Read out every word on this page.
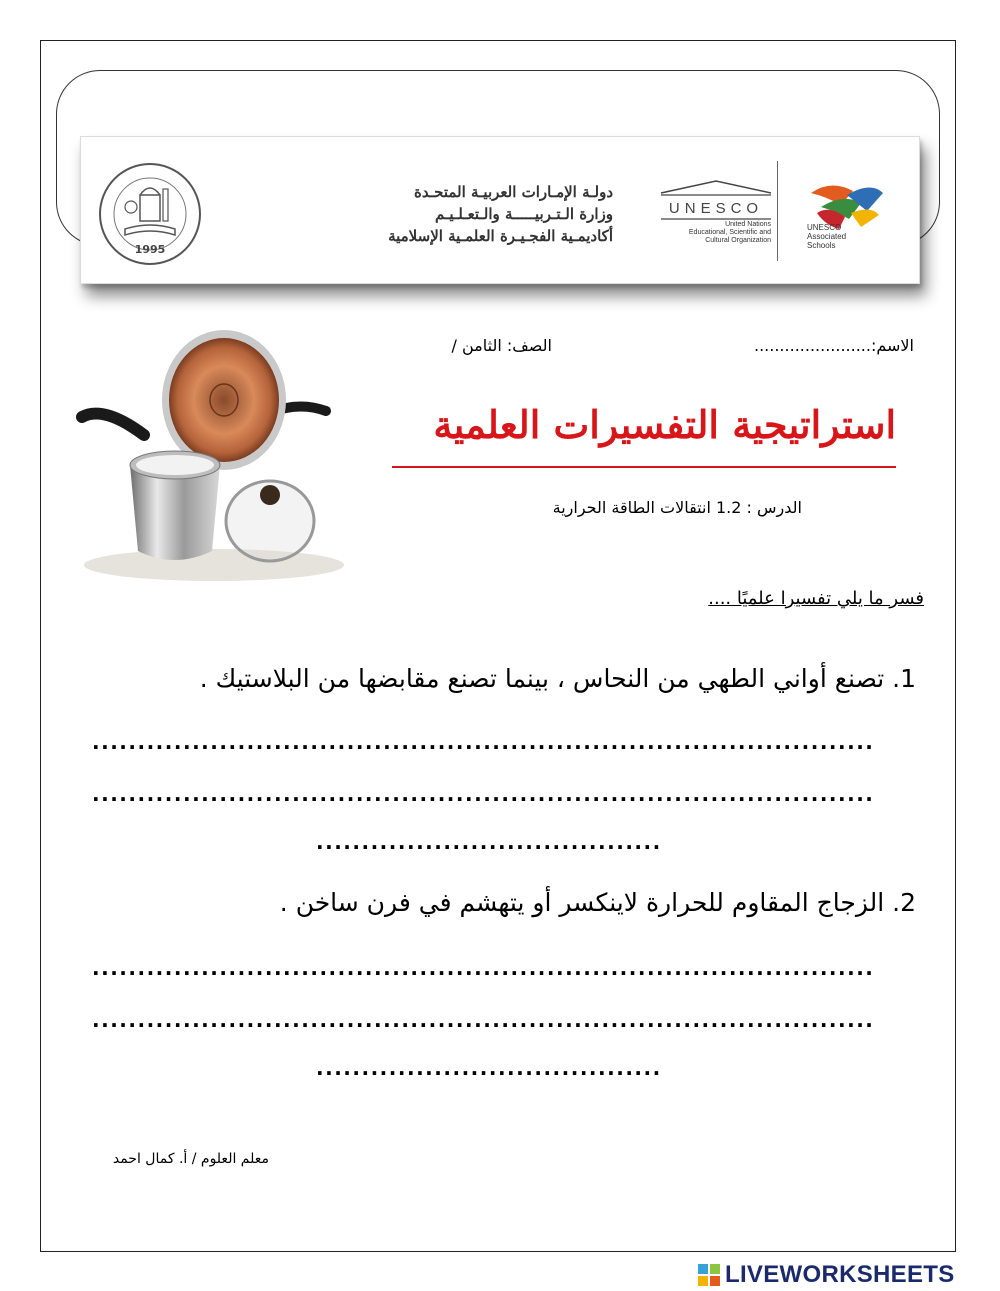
1995
دولـة الإمـارات العربيـة المتحـدة
وزارة الـتـربيـــــة والـتعـلـيـم
أكاديمـية الفجـيـرة العلمـية الإسلامية
UNESCO
United Nations
Educational, Scientific and
Cultural Organization
UNESCO
Associated
Schools
الاسم:.......................
الصف: الثامن /
استراتيجية التفسيرات العلمية
الدرس : 1.2 انتقالات الطاقة الحرارية
فسر ما يلي تفسيرا علميًا ....
1. تصنع أواني الطهي من النحاس ، بينما تصنع مقابضها من البلاستيك .
......................................................................................
......................................................................................
......................................
2. الزجاج المقاوم للحرارة لاينكسر أو يتهشم في فرن ساخن .
......................................................................................
......................................................................................
......................................
معلم العلوم / أ. كمال احمد
LIVEWORKSHEETS
